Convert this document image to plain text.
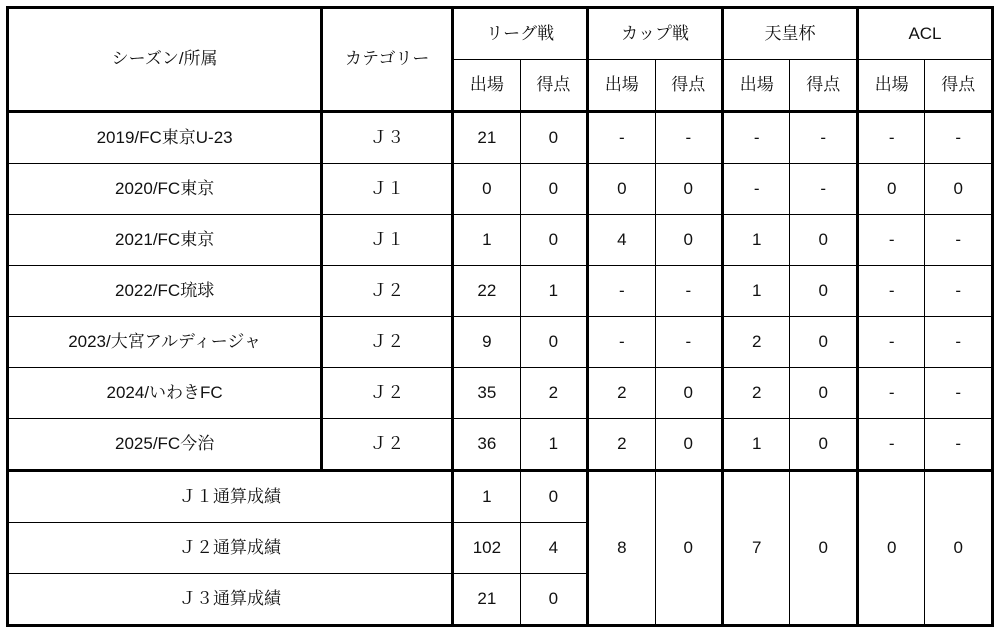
シーズン/所属	カテゴリー	リーグ戦		カップ戦		天皇杯		ACL	
		出場	得点	出場	得点	出場	得点	出場	得点
2019/FC東京U-23	Ｊ３	21	0	-	-	-	-	-	-
2020/FC東京	Ｊ１	0	0	0	0	-	-	0	0
2021/FC東京	Ｊ１	1	0	4	0	1	0	-	-
2022/FC琉球	Ｊ２	22	1	-	-	1	0	-	-
2023/大宮アルディージャ	Ｊ２	9	0	-	-	2	0	-	-
2024/いわきFC	Ｊ２	35	2	2	0	2	0	-	-
2025/FC今治	Ｊ２	36	1	2	0	1	0	-	-
Ｊ１通算成績		1	0	8	0	7	0	0	0
Ｊ２通算成績		102	4						
Ｊ３通算成績		21	0						
